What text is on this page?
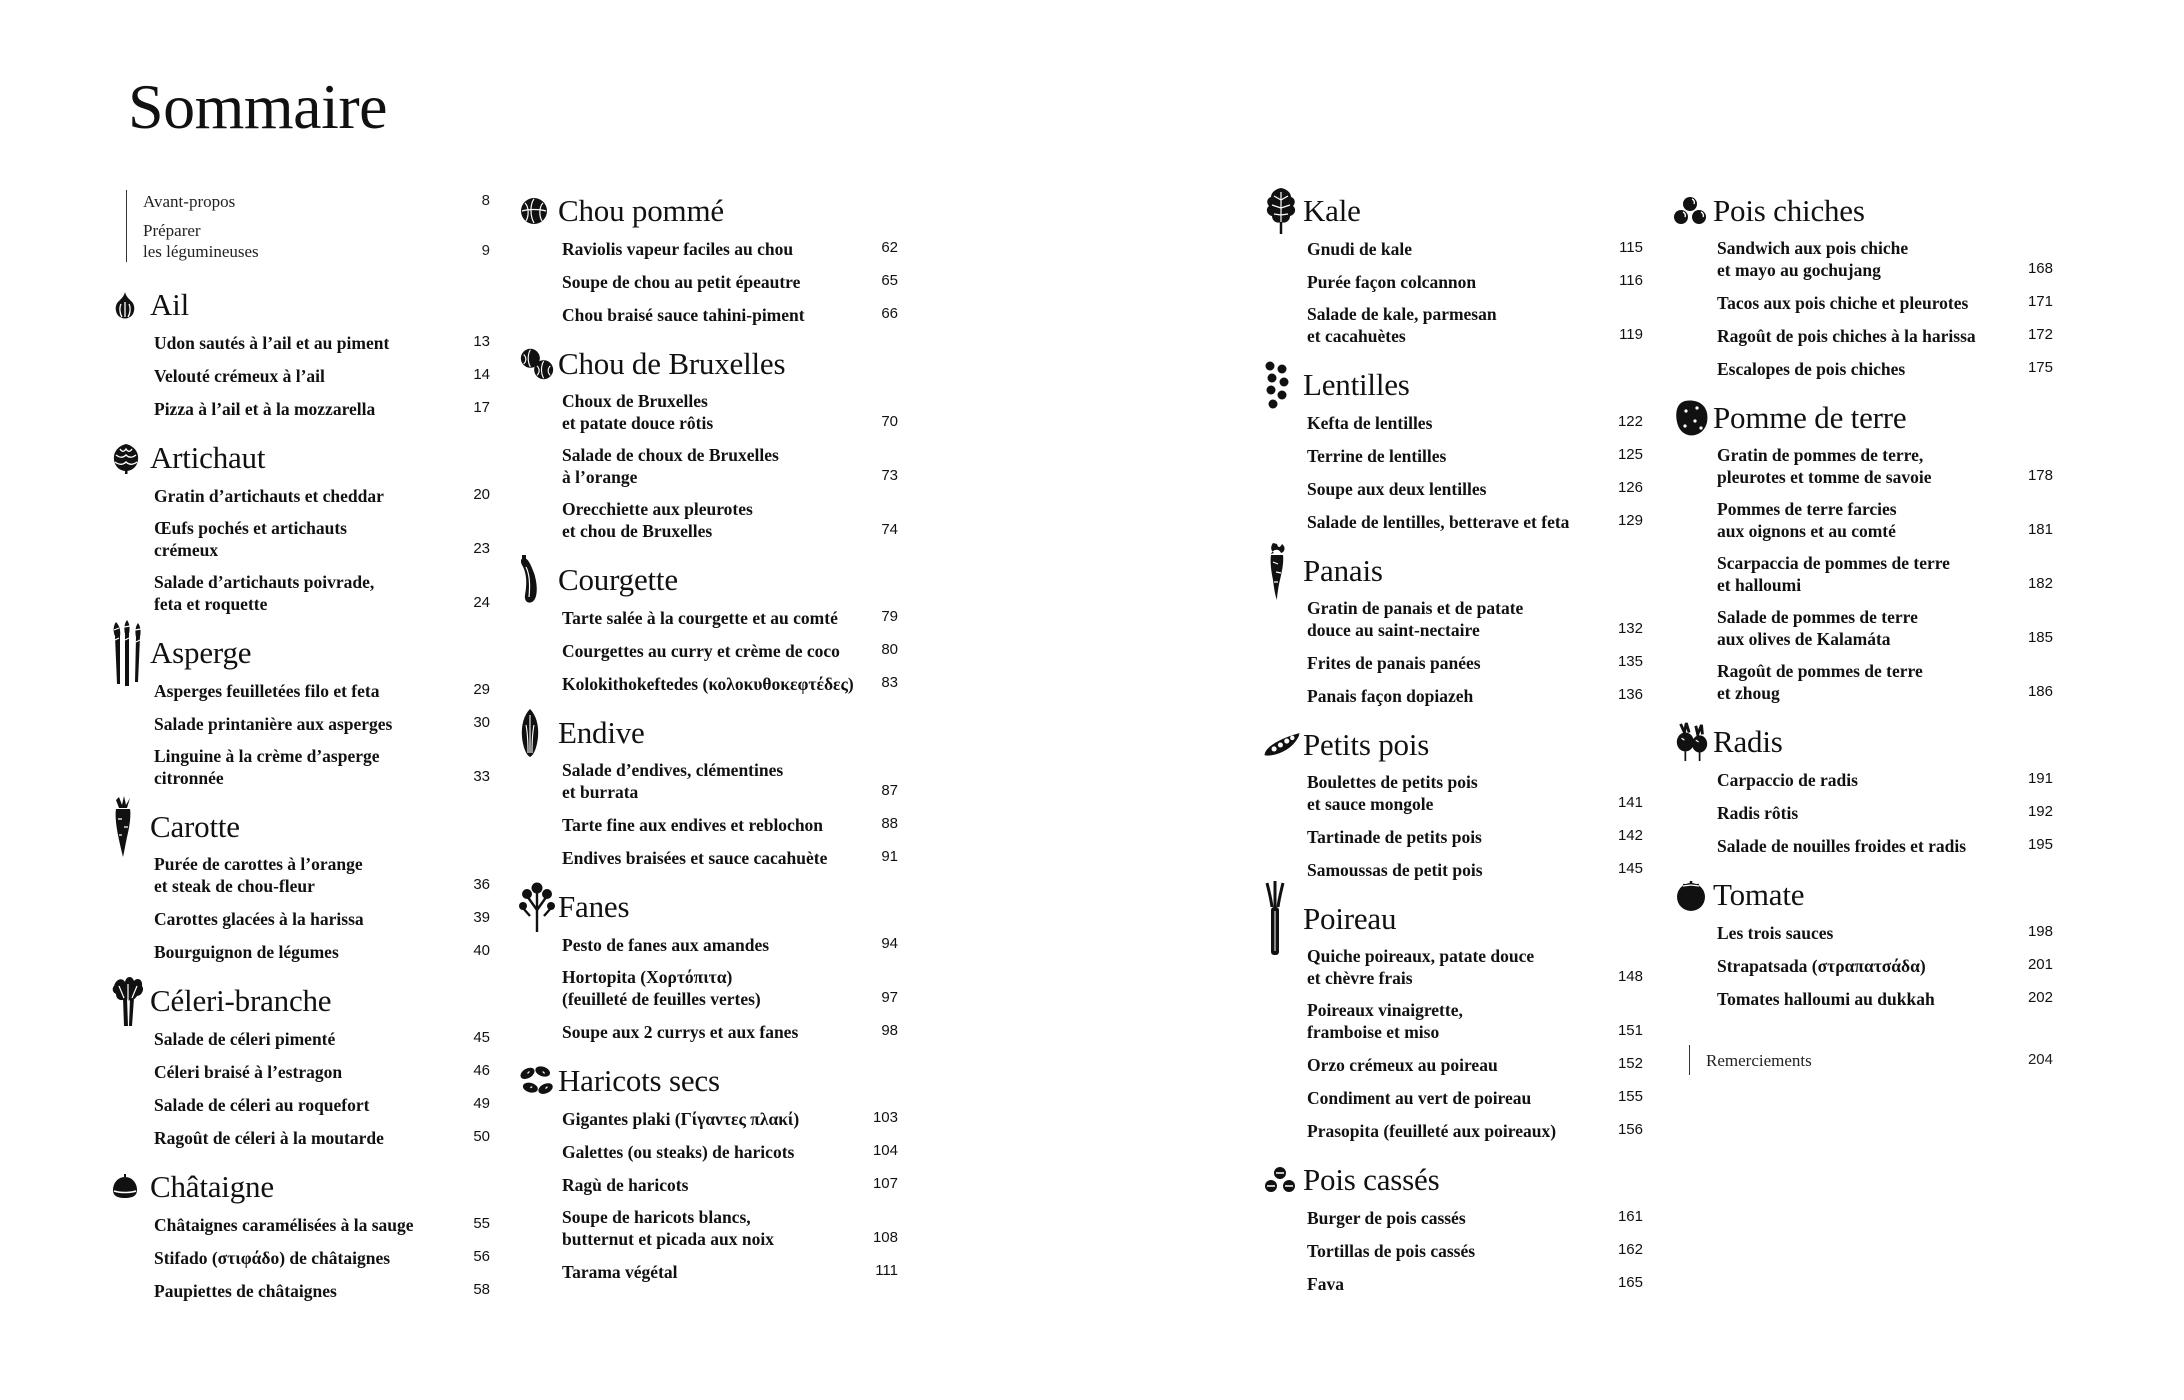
Sommaire
Avant-propos	8
Préparer
les légumineuses	9
Ail
Udon sautés à l’ail et au piment	13
Velouté crémeux à l’ail	14
Pizza à l’ail et à la mozzarella	17
Artichaut
Gratin d’artichauts et cheddar	20
Œufs pochés et artichauts
crémeux	23
Salade d’artichauts poivrade,
feta et roquette	24
Asperge
Asperges feuilletées filo et feta	29
Salade printanière aux asperges	30
Linguine à la crème d’asperge
citronnée	33
Carotte
Purée de carottes à l’orange
et steak de chou-fleur	36
Carottes glacées à la harissa	39
Bourguignon de légumes	40
Céleri-branche
Salade de céleri pimenté	45
Céleri braisé à l’estragon	46
Salade de céleri au roquefort	49
Ragoût de céleri à la moutarde	50
Châtaigne
Châtaignes caramélisées à la sauge	55
Stifado (στιφάδο) de châtaignes	56
Paupiettes de châtaignes	58
Chou pommé
Raviolis vapeur faciles au chou	62
Soupe de chou au petit épeautre	65
Chou braisé sauce tahini-piment	66
Chou de Bruxelles
Choux de Bruxelles
et patate douce rôtis	70
Salade de choux de Bruxelles
à l’orange	73
Orecchiette aux pleurotes
et chou de Bruxelles	74
Courgette
Tarte salée à la courgette et au comté	79
Courgettes au curry et crème de coco	80
Kolokithokeftedes (κολοκυθοκεφτέδες) 83
Endive
Salade d’endives, clémentines
et burrata	87
Tarte fine aux endives et reblochon	88
Endives braisées et sauce cacahuète	91
Fanes
Pesto de fanes aux amandes	94
Hortopita (Χορτόπιτα)
(feuilleté de feuilles vertes)	97
Soupe aux 2 currys et aux fanes	98
Haricots secs
Gigantes plaki (Γίγαντες πλακί)	103
Galettes (ou steaks) de haricots	104
Ragù de haricots	107
Soupe de haricots blancs,
butternut et picada aux noix	108
Tarama végétal	111
Kale
Gnudi de kale	115
Purée façon colcannon	116
Salade de kale, parmesan
et cacahuètes	119
Lentilles
Kefta de lentilles	122
Terrine de lentilles	125
Soupe aux deux lentilles	126
Salade de lentilles, betterave et feta	129
Panais
Gratin de panais et de patate
douce au saint-nectaire	132
Frites de panais panées	135
Panais façon dopiazeh	136
Petits pois
Boulettes de petits pois
et sauce mongole	141
Tartinade de petits pois	142
Samoussas de petit pois	145
Poireau
Quiche poireaux, patate douce
et chèvre frais	148
Poireaux vinaigrette,
framboise et miso	151
Orzo crémeux au poireau	152
Condiment au vert de poireau	155
Prasopita (feuilleté aux poireaux)	156
Pois cassés
Burger de pois cassés	161
Tortillas de pois cassés	162
Fava	165
Pois chiches
Sandwich aux pois chiche
et mayo au gochujang	168
Tacos aux pois chiche et pleurotes	171
Ragoût de pois chiches à la harissa	172
Escalopes de pois chiches	175
Pomme de terre
Gratin de pommes de terre,
pleurotes et tomme de savoie	178
Pommes de terre farcies
aux oignons et au comté	181
Scarpaccia de pommes de terre
et halloumi	182
Salade de pommes de terre
aux olives de Kalamáta	185
Ragoût de pommes de terre
et zhoug	186
Radis
Carpaccio de radis	191
Radis rôtis	192
Salade de nouilles froides et radis	195
Tomate
Les trois sauces	198
Strapatsada (στραπατσάδα)	201
Tomates halloumi au dukkah	202
Remerciements	204
